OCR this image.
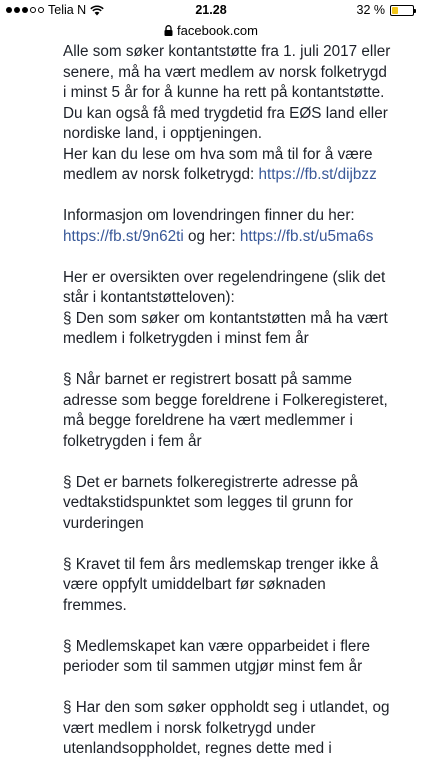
Telia N	21.28	32 %
facebook.com
Alle som søker kontantstøtte fra 1. juli 2017 eller
senere, må ha vært medlem av norsk folketrygd
i minst 5 år for å kunne ha rett på kontantstøtte.
Du kan også få med trygdetid fra EØS land eller
nordiske land, i opptjeningen.
Her kan du lese om hva som må til for å være
medlem av norsk folketrygd: https://fb.st/dijbzz
Informasjon om lovendringen finner du her:
https://fb.st/9n62ti og her: https://fb.st/u5ma6s
Her er oversikten over regelendringene (slik det
står i kontantstøtteloven):
§ Den som søker om kontantstøtten må ha vært
medlem i folketrygden i minst fem år
§ Når barnet er registrert bosatt på samme
adresse som begge foreldrene i Folkeregisteret,
må begge foreldrene ha vært medlemmer i
folketrygden i fem år
§ Det er barnets folkeregistrerte adresse på
vedtakstidspunktet som legges til grunn for
vurderingen
§ Kravet til fem års medlemskap trenger ikke å
være oppfylt umiddelbart før søknaden
fremmes.
§ Medlemskapet kan være opparbeidet i flere
perioder som til sammen utgjør minst fem år
§ Har den som søker oppholdt seg i utlandet, og
vært medlem i norsk folketrygd under
utenlandsoppholdet, regnes dette med i
